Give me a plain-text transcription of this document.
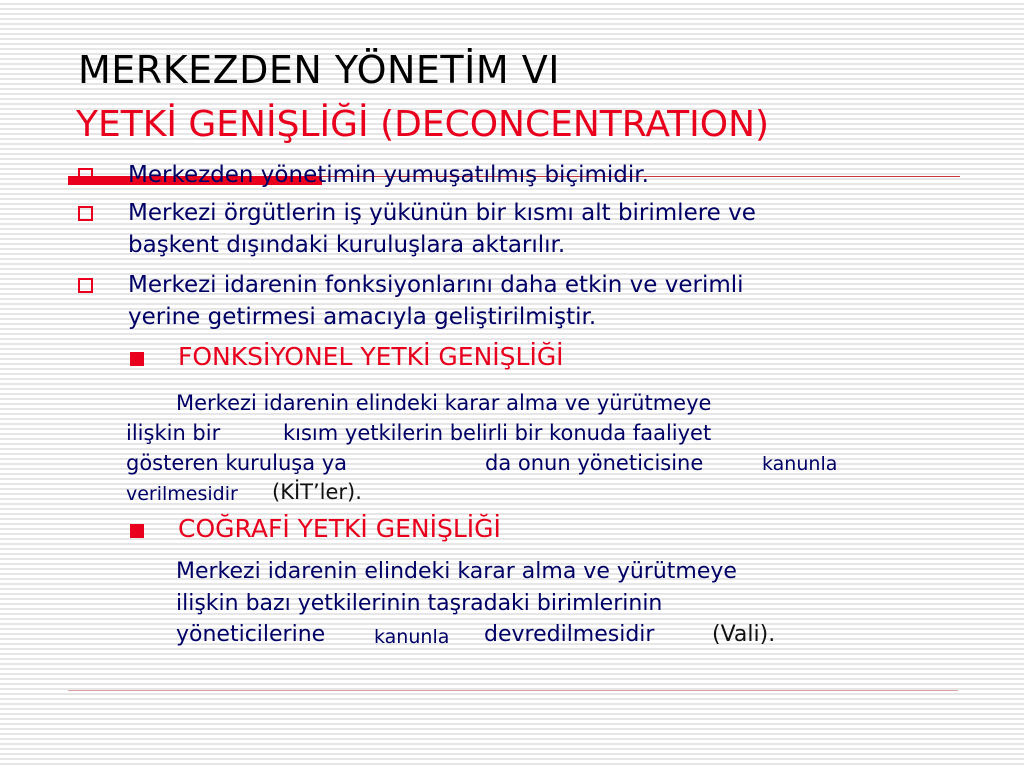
MERKEZDEN YÖNETİM VI
YETKİ GENİŞLİĞİ (DECONCENTRATION)

Merkezden yönetimin yumuşatılmış biçimidir.

Merkezi örgütlerin iş yükünün bir kısmı alt birimlere ve

başkent dışındaki kuruluşlara aktarılır.

Merkezi idarenin fonksiyonlarını daha etkin ve verimli

yerine getirmesi amacıyla geliştirilmiştir.

FONKSİYONEL YETKİ GENİŞLİĞİ

Merkezi idarenin elindeki karar alma ve yürütmeye

ilişkin bir	kısım yetkilerin belirli bir konuda faaliyet

gösteren kuruluşa ya	da onun yöneticisine	kanunla

verilmesidir (KİT’ler).

COĞRAFİ YETKİ GENİŞLİĞİ

Merkezi idarenin elindeki karar alma ve yürütmeye

ilişkin bazı yetkilerinin taşradaki birimlerinin

yöneticilerine	kanunla devredilmesidir	(Vali).
